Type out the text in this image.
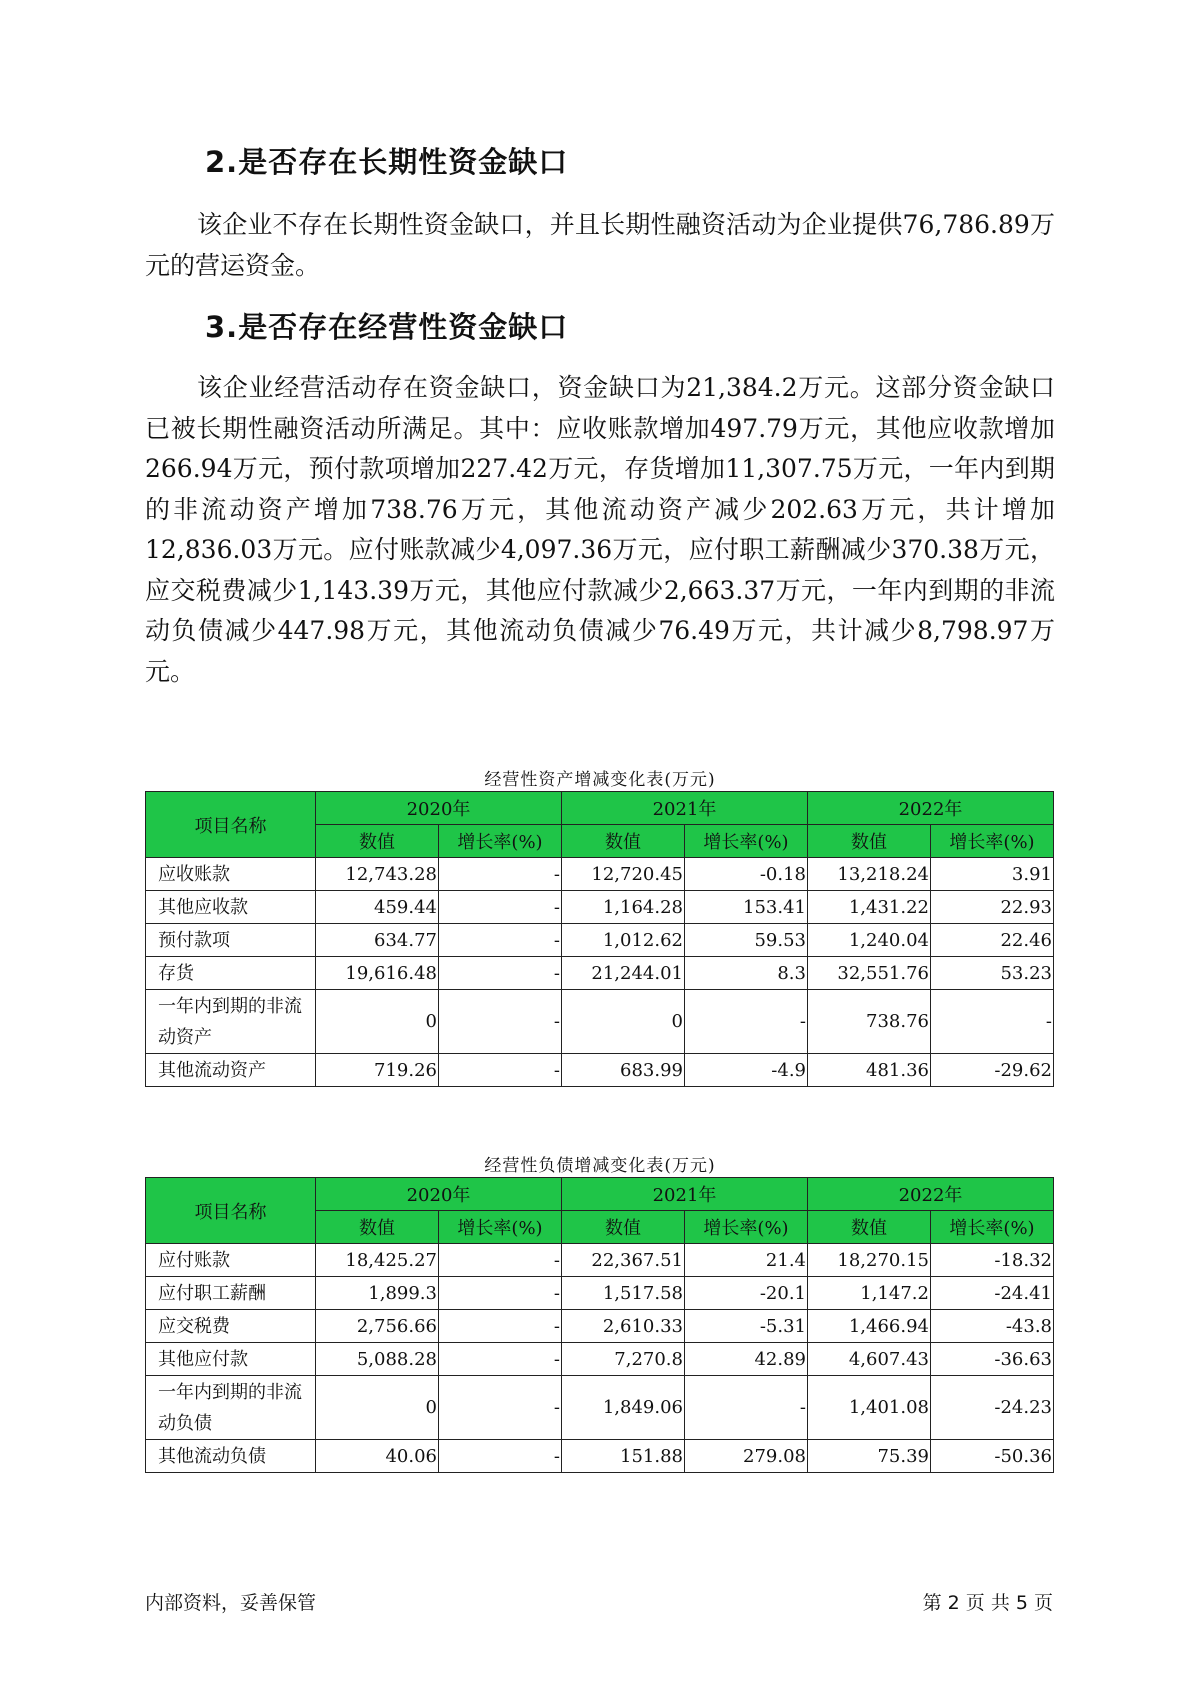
2.是否存在长期性资金缺口
该企业不存在长期性资金缺口，并且长期性融资活动为企业提供76,786.89万元的营运资金。
3.是否存在经营性资金缺口
该企业经营活动存在资金缺口，资金缺口为21,384.2万元。这部分资金缺口已被长期性融资活动所满足。其中：应收账款增加497.79万元，其他应收款增加266.94万元，预付款项增加227.42万元，存货增加11,307.75万元，一年内到期的非流动资产增加738.76万元，其他流动资产减少202.63万元，共计增加12,836.03万元。应付账款减少4,097.36万元，应付职工薪酬减少370.38万元，应交税费减少1,143.39万元，其他应付款减少2,663.37万元，一年内到期的非流动负债减少447.98万元，其他流动负债减少76.49万元，共计减少8,798.97万元。
经营性资产增减变化表(万元)
项目名称	2020年		2021年		2022年	
	数值	增长率(%)	数值	增长率(%)	数值	增长率(%)
应收账款	12,743.28	-	12,720.45	-0.18	13,218.24	3.91
其他应收款	459.44	-	1,164.28	153.41	1,431.22	22.93
预付款项	634.77	-	1,012.62	59.53	1,240.04	22.46
存货	19,616.48	-	21,244.01	8.3	32,551.76	53.23
一年内到期的非流动资产	0	-	0	-	738.76	-
其他流动资产	719.26	-	683.99	-4.9	481.36	-29.62
经营性负债增减变化表(万元)
项目名称	2020年		2021年		2022年	
	数值	增长率(%)	数值	增长率(%)	数值	增长率(%)
应付账款	18,425.27	-	22,367.51	21.4	18,270.15	-18.32
应付职工薪酬	1,899.3	-	1,517.58	-20.1	1,147.2	-24.41
应交税费	2,756.66	-	2,610.33	-5.31	1,466.94	-43.8
其他应付款	5,088.28	-	7,270.8	42.89	4,607.43	-36.63
一年内到期的非流动负债	0	-	1,849.06	-	1,401.08	-24.23
其他流动负债	40.06	-	151.88	279.08	75.39	-50.36
内部资料，妥善保管	第 2 页 共 5 页
